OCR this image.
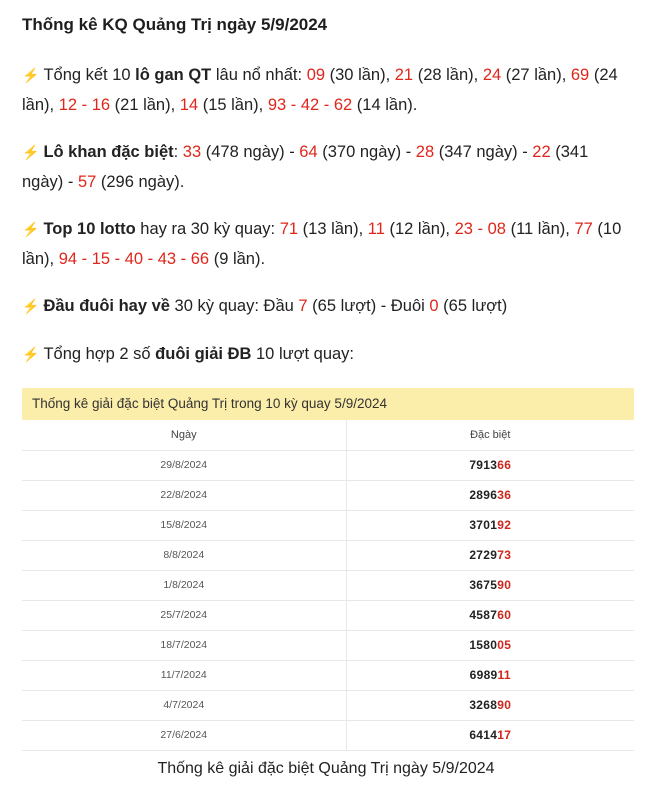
Thống kê KQ Quảng Trị ngày 5/9/2024
⚡ Tổng kết 10 lô gan QT lâu nổ nhất: 09 (30 lần), 21 (28 lần), 24 (27 lần), 69 (24 lần), 12 - 16 (21 lần), 14 (15 lần), 93 - 42 - 62 (14 lần).
⚡ Lô khan đặc biệt: 33 (478 ngày) - 64 (370 ngày) - 28 (347 ngày) - 22 (341 ngày) - 57 (296 ngày).
⚡ Top 10 lotto hay ra 30 kỳ quay: 71 (13 lần), 11 (12 lần), 23 - 08 (11 lần), 77 (10 lần), 94 - 15 - 40 - 43 - 66 (9 lần).
⚡ Đầu đuôi hay về 30 kỳ quay: Đầu 7 (65 lượt) - Đuôi 0 (65 lượt)
⚡ Tổng hợp 2 số đuôi giải ĐB 10 lượt quay:
Thống kê giải đặc biệt Quảng Trị trong 10 kỳ quay 5/9/2024
Ngày	Đặc biệt
29/8/2024	791366
22/8/2024	289636
15/8/2024	370192
8/8/2024	272973
1/8/2024	367590
25/7/2024	458760
18/7/2024	158005
11/7/2024	698911
4/7/2024	326890
27/6/2024	641417
Thống kê giải đặc biệt Quảng Trị ngày 5/9/2024
